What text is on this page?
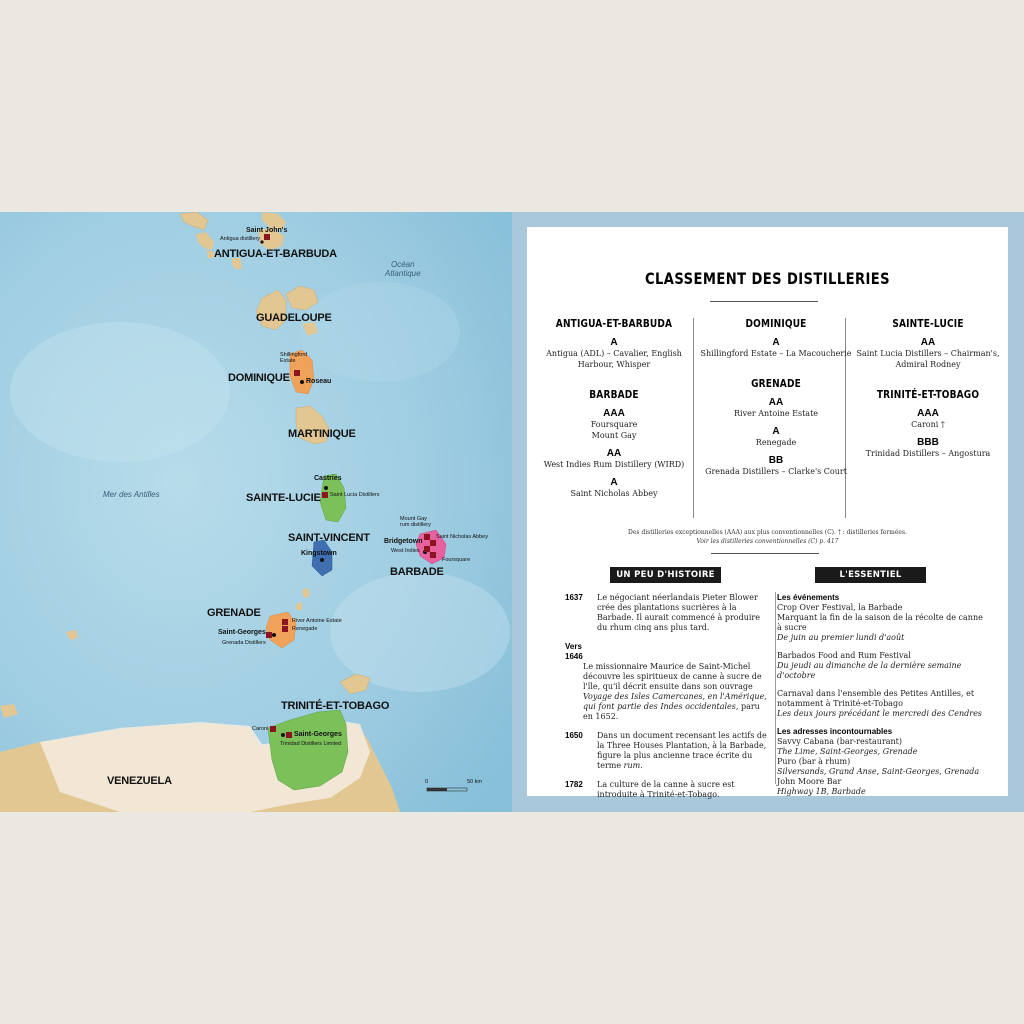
Saint John's
Antigua distillery
ANTIGUA-ET-BARBUDA
Océan
Atlantique
GUADELOUPE
Shillingford Estate
DOMINIQUE Roseau
MARTINIQUE
Mer des Antilles
Castries
Saint Lucia Distillers
SAINTE-LUCIE
SAINT-VINCENT
Kingstown
Mount Gay rum distillery
Saint Nicholas Abbey
Bridgetown
West Indies
Foursquare
BARBADE
GRENADE
River Antoine Estate
Renegade
Saint-Georges
Grenada Distillers
TRINITÉ-ET-TOBAGO
Caroni
Saint-Georges
Trinidad Distillers Limited
VENEZUELA	0	50 km
CLASSEMENT DES DISTILLERIES
ANTIGUA-ET-BARBUDA
A
Antigua (ADL) – Cavalier, English Harbour, Whisper
BARBADE
AAA
Foursquare
Mount Gay
AA
West Indies Rum Distillery (WIRD)
A
Saint Nicholas Abbey
DOMINIQUE
A
Shillingford Estate – La Macoucherie
GRENADE
AA
River Antoine Estate
A
Renegade
BB
Grenada Distillers – Clarke's Court
SAINTE-LUCIE
AA
Saint Lucia Distillers – Chairman's, Admiral Rodney
TRINITÉ-ET-TOBAGO
AAA
Caroni †
BBB
Trinidad Distillers – Angostura
Des distilleries exceptionnelles (AAA) aux plus conventionnelles (C). † : distilleries fermées.
Voir les distilleries conventionnelles (C) p. 417
UN PEU D'HISTOIRE	L'ESSENTIEL
1637	Le négociant néerlandais Pieter Blower crée des plantations sucrières à la Barbade. Il aurait commencé à produire du rhum cinq ans plus tard.
Vers 1646
Le missionnaire Maurice de Saint-Michel découvre les spiritueux de canne à sucre de l'île, qu'il décrit ensuite dans son ouvrage Voyage des Isles Camercanes, en l'Amérique, qui font partie des Indes occidentales, paru en 1652.
1650	Dans un document recensant les actifs de la Three Houses Plantation, à la Barbade, figure la plus ancienne trace écrite du terme rum.
1782	La culture de la canne à sucre est introduite à Trinité-et-Tobago.
Les événements
Crop Over Festival, la Barbade
Marquant la fin de la saison de la récolte de canne à sucre
De juin au premier lundi d'août
Barbados Food and Rum Festival
Du jeudi au dimanche de la dernière semaine d'octobre
Carnaval dans l'ensemble des Petites Antilles, et notamment à Trinité-et-Tobago
Les deux jours précédant le mercredi des Cendres
Les adresses incontournables
Savvy Cabana (bar-restaurant)
The Lime, Saint-Georges, Grenade
Puro (bar à rhum)
Silversands, Grand Anse, Saint-Georges, Grenada
John Moore Bar
Highway 1B, Barbade
